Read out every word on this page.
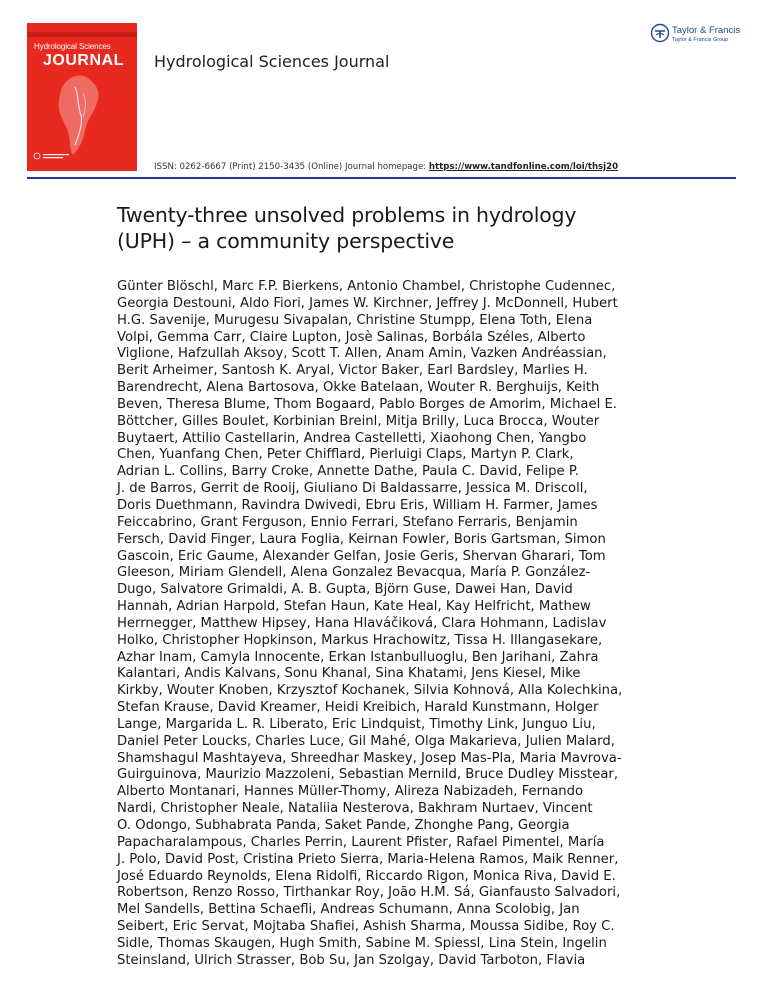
Hydrological Sciences
JOURNAL Hydrological Sciences Journal
Taylor & Francis
Taylor & Francis Group
ISSN: 0262-6667 (Print) 2150-3435 (Online) Journal homepage: https://www.tandfonline.com/loi/thsj20
Twenty-three unsolved problems in hydrology
(UPH) – a community perspective
Günter Blöschl, Marc F.P. Bierkens, Antonio Chambel, Christophe Cudennec,
Georgia Destouni, Aldo Fiori, James W. Kirchner, Jeffrey J. McDonnell, Hubert
H.G. Savenije, Murugesu Sivapalan, Christine Stumpp, Elena Toth, Elena
Volpi, Gemma Carr, Claire Lupton, Josè Salinas, Borbála Széles, Alberto
Viglione, Hafzullah Aksoy, Scott T. Allen, Anam Amin, Vazken Andréassian,
Berit Arheimer, Santosh K. Aryal, Victor Baker, Earl Bardsley, Marlies H.
Barendrecht, Alena Bartosova, Okke Batelaan, Wouter R. Berghuijs, Keith
Beven, Theresa Blume, Thom Bogaard, Pablo Borges de Amorim, Michael E.
Böttcher, Gilles Boulet, Korbinian Breinl, Mitja Brilly, Luca Brocca, Wouter
Buytaert, Attilio Castellarin, Andrea Castelletti, Xiaohong Chen, Yangbo
Chen, Yuanfang Chen, Peter Chifflard, Pierluigi Claps, Martyn P. Clark,
Adrian L. Collins, Barry Croke, Annette Dathe, Paula C. David, Felipe P.
J. de Barros, Gerrit de Rooij, Giuliano Di Baldassarre, Jessica M. Driscoll,
Doris Duethmann, Ravindra Dwivedi, Ebru Eris, William H. Farmer, James
Feiccabrino, Grant Ferguson, Ennio Ferrari, Stefano Ferraris, Benjamin
Fersch, David Finger, Laura Foglia, Keirnan Fowler, Boris Gartsman, Simon
Gascoin, Eric Gaume, Alexander Gelfan, Josie Geris, Shervan Gharari, Tom
Gleeson, Miriam Glendell, Alena Gonzalez Bevacqua, María P. González-
Dugo, Salvatore Grimaldi, A. B. Gupta, Björn Guse, Dawei Han, David
Hannah, Adrian Harpold, Stefan Haun, Kate Heal, Kay Helfricht, Mathew
Herrnegger, Matthew Hipsey, Hana Hlaváčiková, Clara Hohmann, Ladislav
Holko, Christopher Hopkinson, Markus Hrachowitz, Tissa H. Illangasekare,
Azhar Inam, Camyla Innocente, Erkan Istanbulluoglu, Ben Jarihani, Zahra
Kalantari, Andis Kalvans, Sonu Khanal, Sina Khatami, Jens Kiesel, Mike
Kirkby, Wouter Knoben, Krzysztof Kochanek, Silvia Kohnová, Alla Kolechkina,
Stefan Krause, David Kreamer, Heidi Kreibich, Harald Kunstmann, Holger
Lange, Margarida L. R. Liberato, Eric Lindquist, Timothy Link, Junguo Liu,
Daniel Peter Loucks, Charles Luce, Gil Mahé, Olga Makarieva, Julien Malard,
Shamshagul Mashtayeva, Shreedhar Maskey, Josep Mas-Pla, Maria Mavrova-
Guirguinova, Maurizio Mazzoleni, Sebastian Mernild, Bruce Dudley Misstear,
Alberto Montanari, Hannes Müller-Thomy, Alireza Nabizadeh, Fernando
Nardi, Christopher Neale, Nataliia Nesterova, Bakhram Nurtaev, Vincent
O. Odongo, Subhabrata Panda, Saket Pande, Zhonghe Pang, Georgia
Papacharalampous, Charles Perrin, Laurent Pfister, Rafael Pimentel, María
J. Polo, David Post, Cristina Prieto Sierra, Maria-Helena Ramos, Maik Renner,
José Eduardo Reynolds, Elena Ridolfi, Riccardo Rigon, Monica Riva, David E.
Robertson, Renzo Rosso, Tirthankar Roy, João H.M. Sá, Gianfausto Salvadori,
Mel Sandells, Bettina Schaefli, Andreas Schumann, Anna Scolobig, Jan
Seibert, Eric Servat, Mojtaba Shafiei, Ashish Sharma, Moussa Sidibe, Roy C.
Sidle, Thomas Skaugen, Hugh Smith, Sabine M. Spiessl, Lina Stein, Ingelin
Steinsland, Ulrich Strasser, Bob Su, Jan Szolgay, David Tarboton, Flavia
